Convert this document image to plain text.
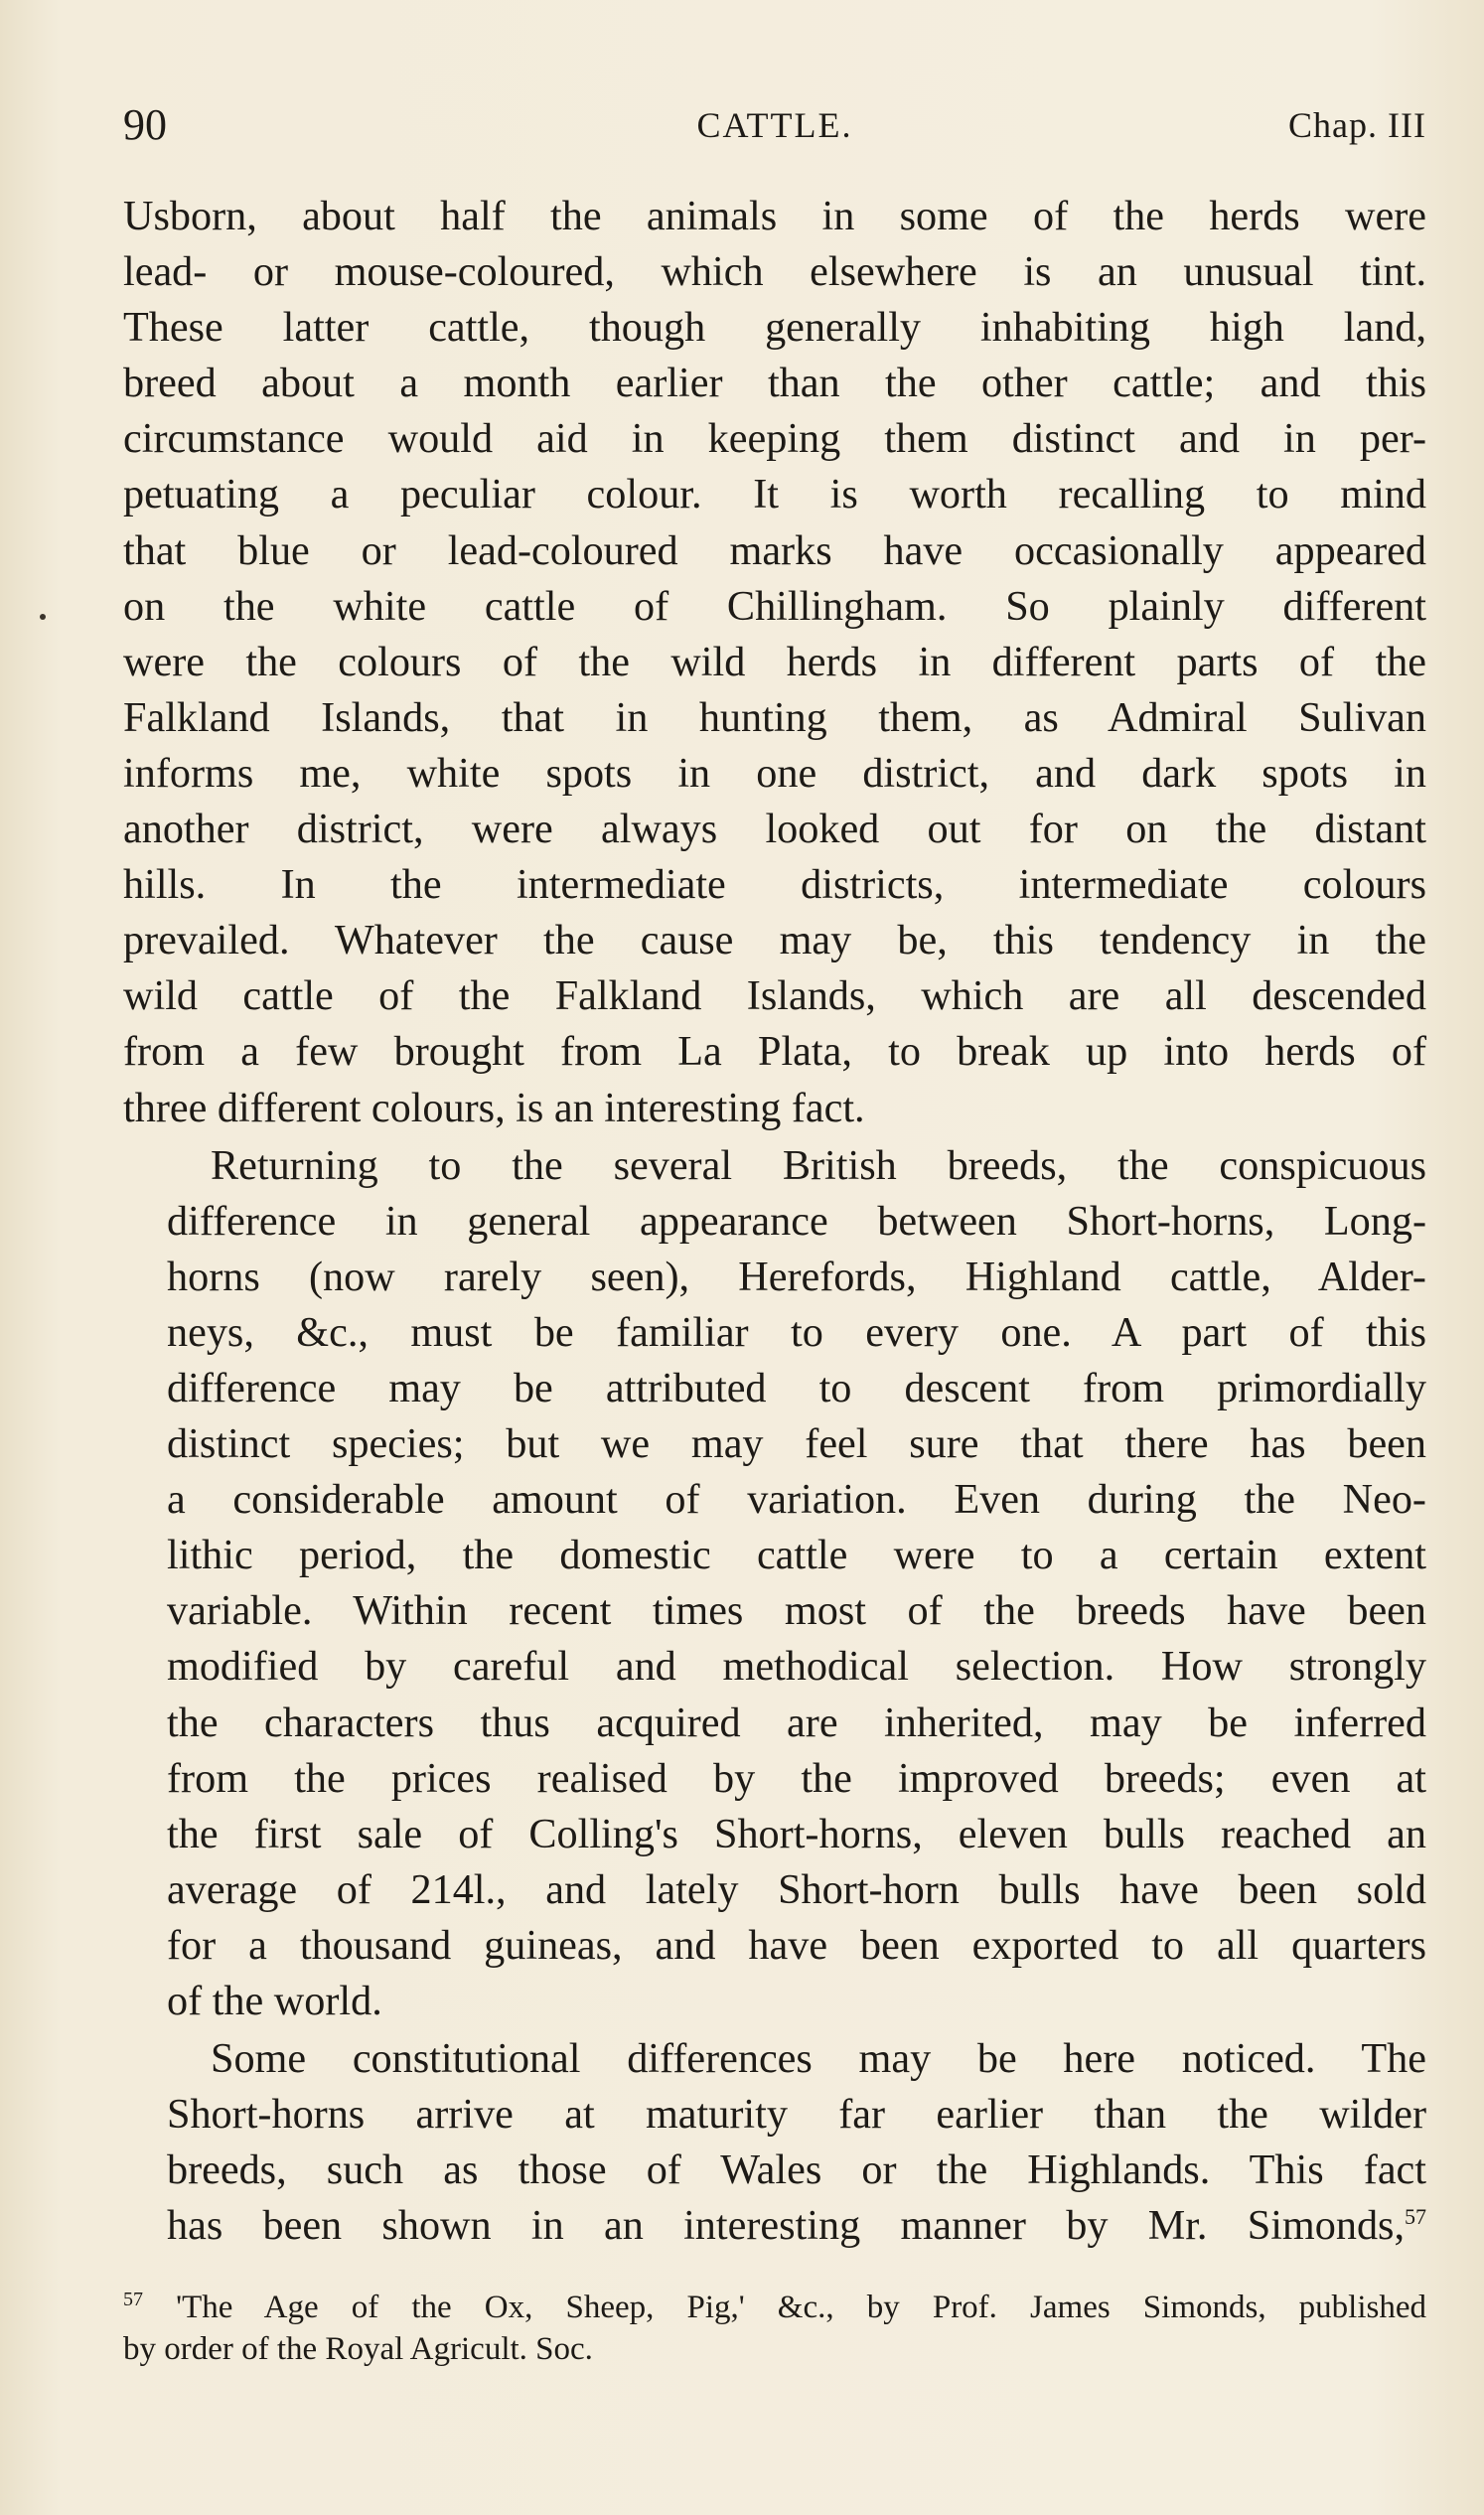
90	CATTLE.	Chap. III

Usborn, about half the animals in some of the herds were
lead- or mouse-coloured, which elsewhere is an unusual tint.
These latter cattle, though generally inhabiting high land,
breed about a month earlier than the other cattle; and this
circumstance would aid in keeping them distinct and in per-
petuating a peculiar colour. It is worth recalling to mind
that blue or lead-coloured marks have occasionally appeared
on the white cattle of Chillingham. So plainly different
were the colours of the wild herds in different parts of the
Falkland Islands, that in hunting them, as Admiral Sulivan
informs me, white spots in one district, and dark spots in
another district, were always looked out for on the distant
hills. In the intermediate districts, intermediate colours
prevailed. Whatever the cause may be, this tendency in the
wild cattle of the Falkland Islands, which are all descended
from a few brought from La Plata, to break up into herds of
three different colours, is an interesting fact.

Returning to the several British breeds, the conspicuous
difference in general appearance between Short-horns, Long-
horns (now rarely seen), Herefords, Highland cattle, Alder-
neys, &c., must be familiar to every one. A part of this
difference may be attributed to descent from primordially
distinct species; but we may feel sure that there has been
a considerable amount of variation. Even during the Neo-
lithic period, the domestic cattle were to a certain extent
variable. Within recent times most of the breeds have been
modified by careful and methodical selection. How strongly
the characters thus acquired are inherited, may be inferred
from the prices realised by the improved breeds; even at
the first sale of Colling's Short-horns, eleven bulls reached an
average of 214l., and lately Short-horn bulls have been sold
for a thousand guineas, and have been exported to all quarters
of the world.

Some constitutional differences may be here noticed. The
Short-horns arrive at maturity far earlier than the wilder
breeds, such as those of Wales or the Highlands. This fact
has been shown in an interesting manner by Mr. Simonds,$^{57}$

$^{57}$ 'The Age of the Ox, Sheep, Pig,' &c., by Prof. James Simonds, published
by order of the Royal Agricult. Soc.
